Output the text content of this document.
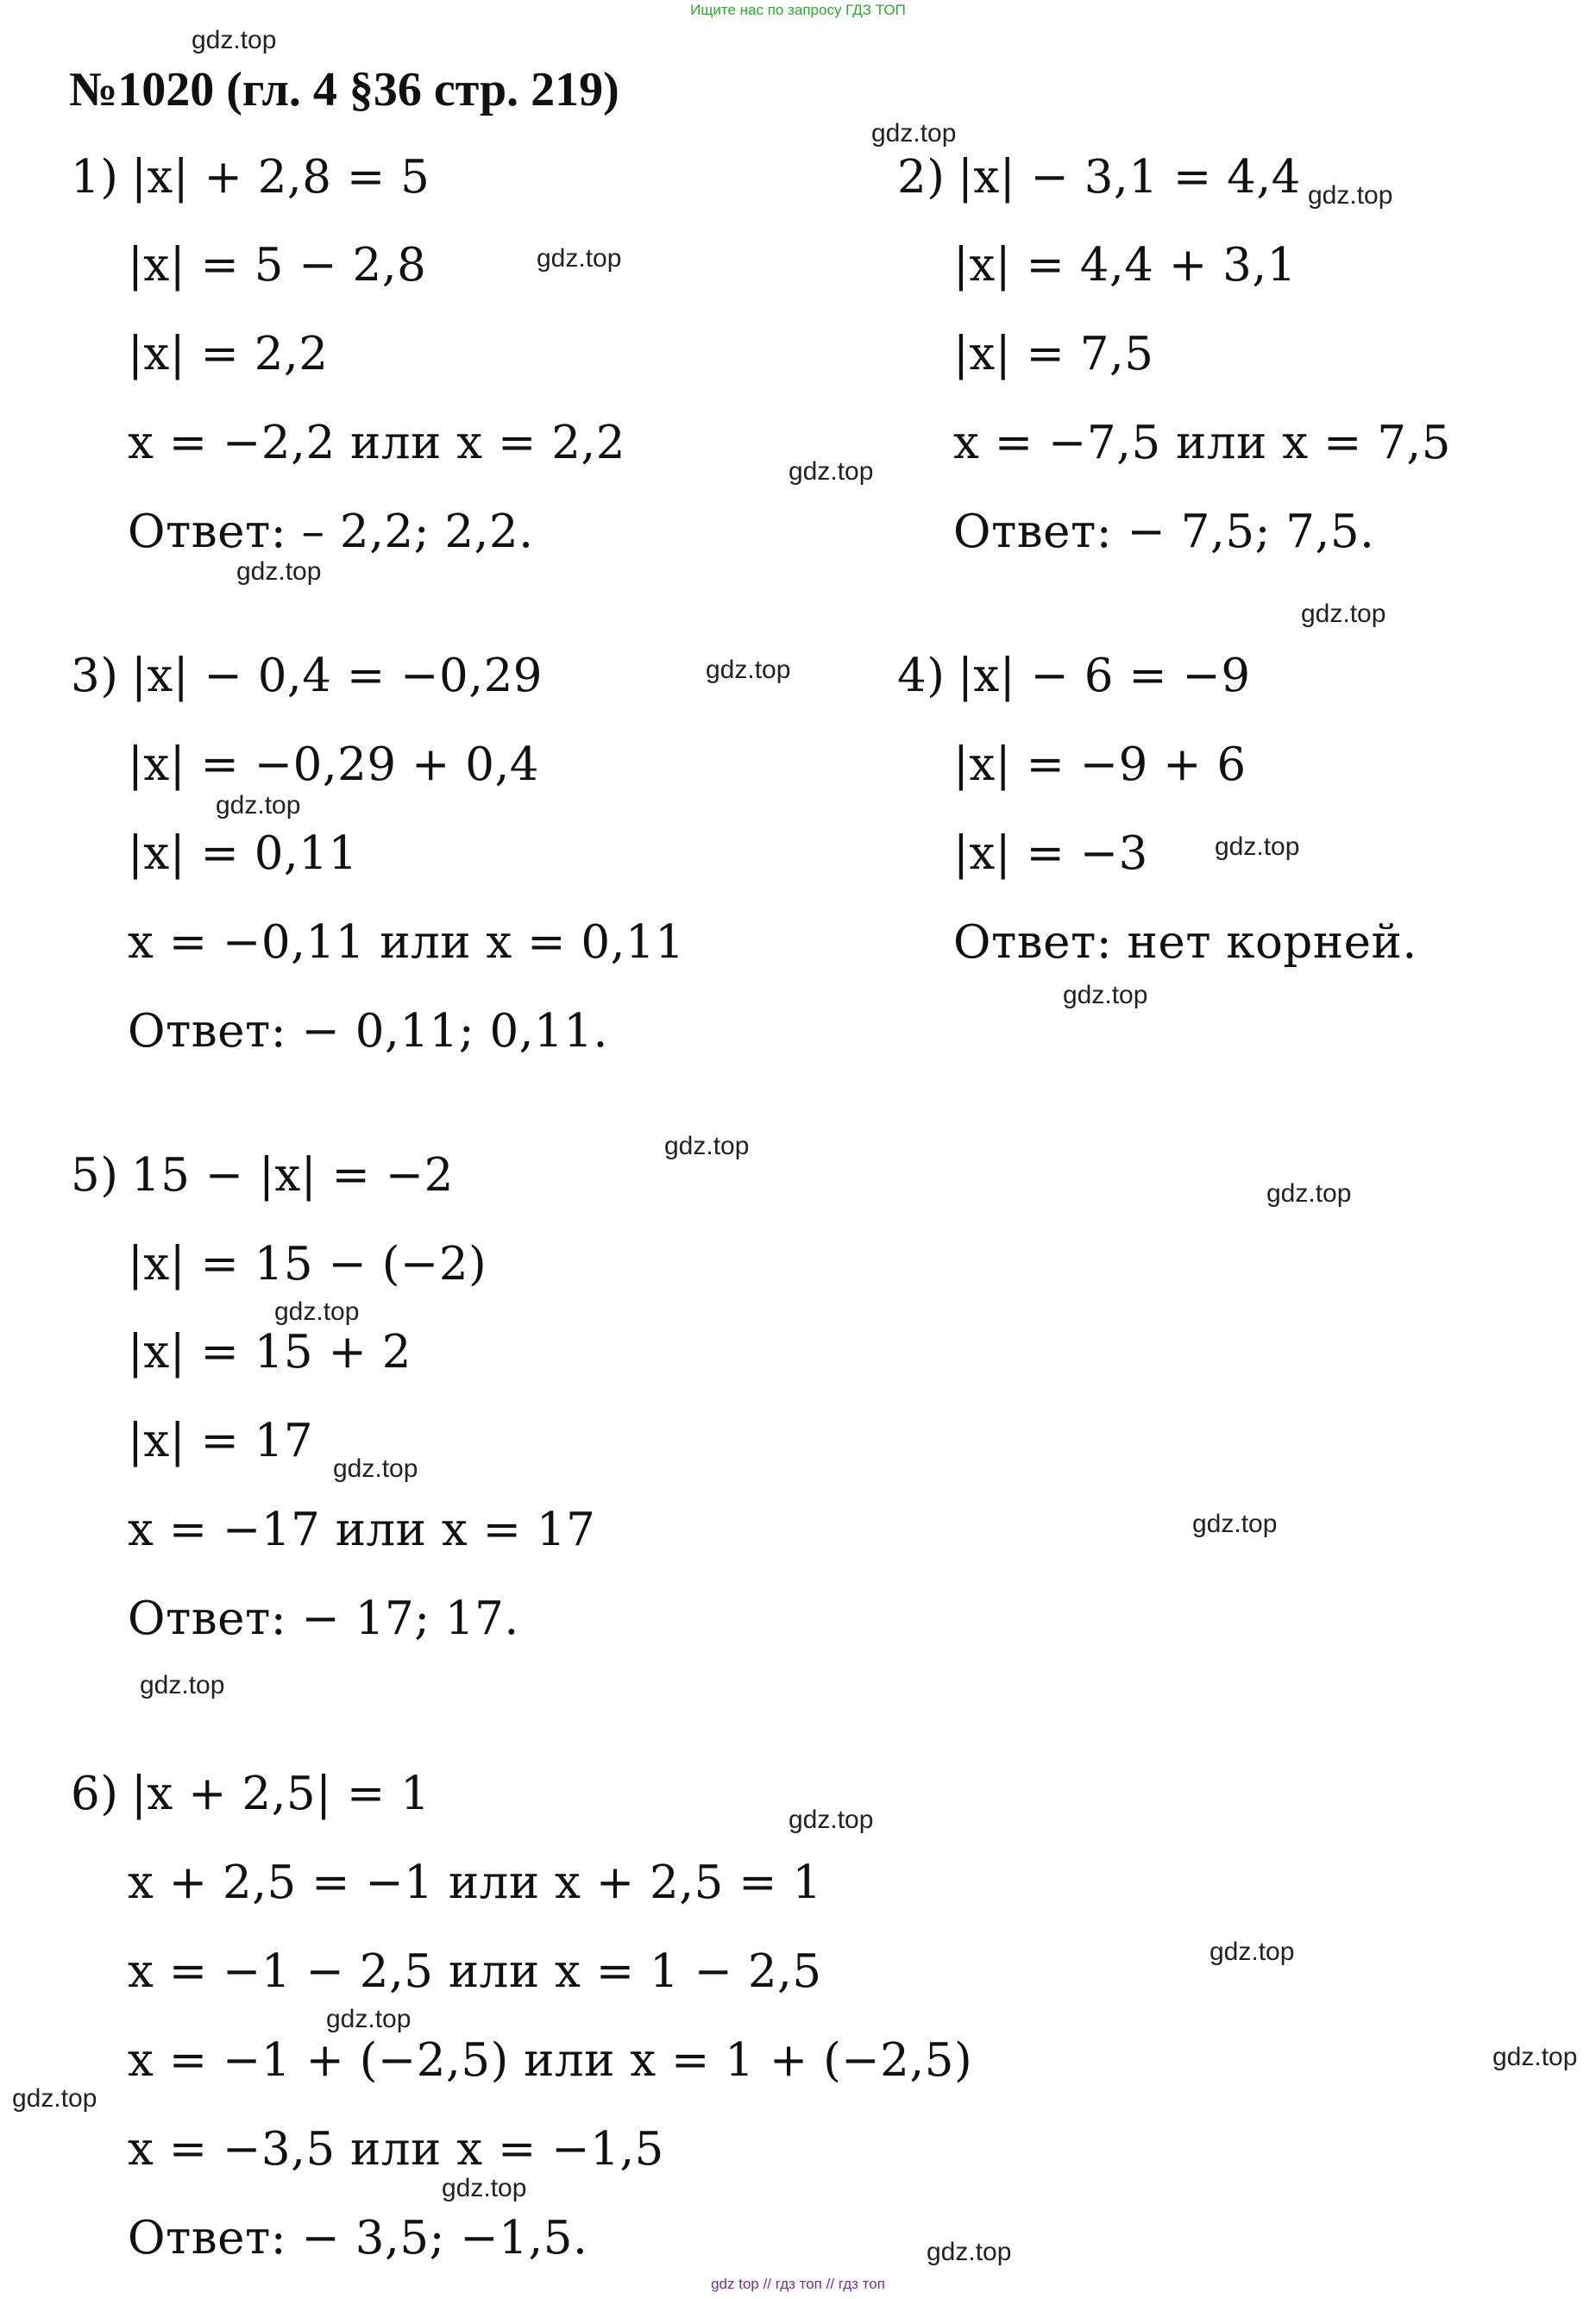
Ищите нас по запросу ГДЗ ТОП
№1020 (гл. 4 §36 стр. 219)
1) |x| + 2,8 = 5
|x| = 5 − 2,8
|x| = 2,2
x = −2,2 или x = 2,2
Ответ: – 2,2; 2,2.
2) |x| − 3,1 = 4,4
|x| = 4,4 + 3,1
|x| = 7,5
x = −7,5 или x = 7,5
Ответ: − 7,5; 7,5.
3) |x| − 0,4 = −0,29
|x| = −0,29 + 0,4
|x| = 0,11
x = −0,11 или x = 0,11
Ответ: − 0,11; 0,11.
4) |x| − 6 = −9
|x| = −9 + 6
|x| = −3
Ответ: нет корней.
5) 15 − |x| = −2
|x| = 15 − (−2)
|x| = 15 + 2
|x| = 17
x = −17 или x = 17
Ответ: − 17; 17.
6) |x + 2,5| = 1
x + 2,5 = −1 или x + 2,5 = 1
x = −1 − 2,5 или x = 1 − 2,5
x = −1 + (−2,5) или x = 1 + (−2,5)
x = −3,5 или x = −1,5
Ответ: − 3,5; −1,5.
gdz.top
gdz.top
gdz.top
gdz.top
gdz.top
gdz.top
gdz.top
gdz.top
gdz.top
gdz.top
gdz.top
gdz.top
gdz.top
gdz.top
gdz.top
gdz.top
gdz.top
gdz.top
gdz.top
gdz.top
gdz.top
gdz.top
gdz.top
gdz.top
gdz top // гдз топ // гдз топ
